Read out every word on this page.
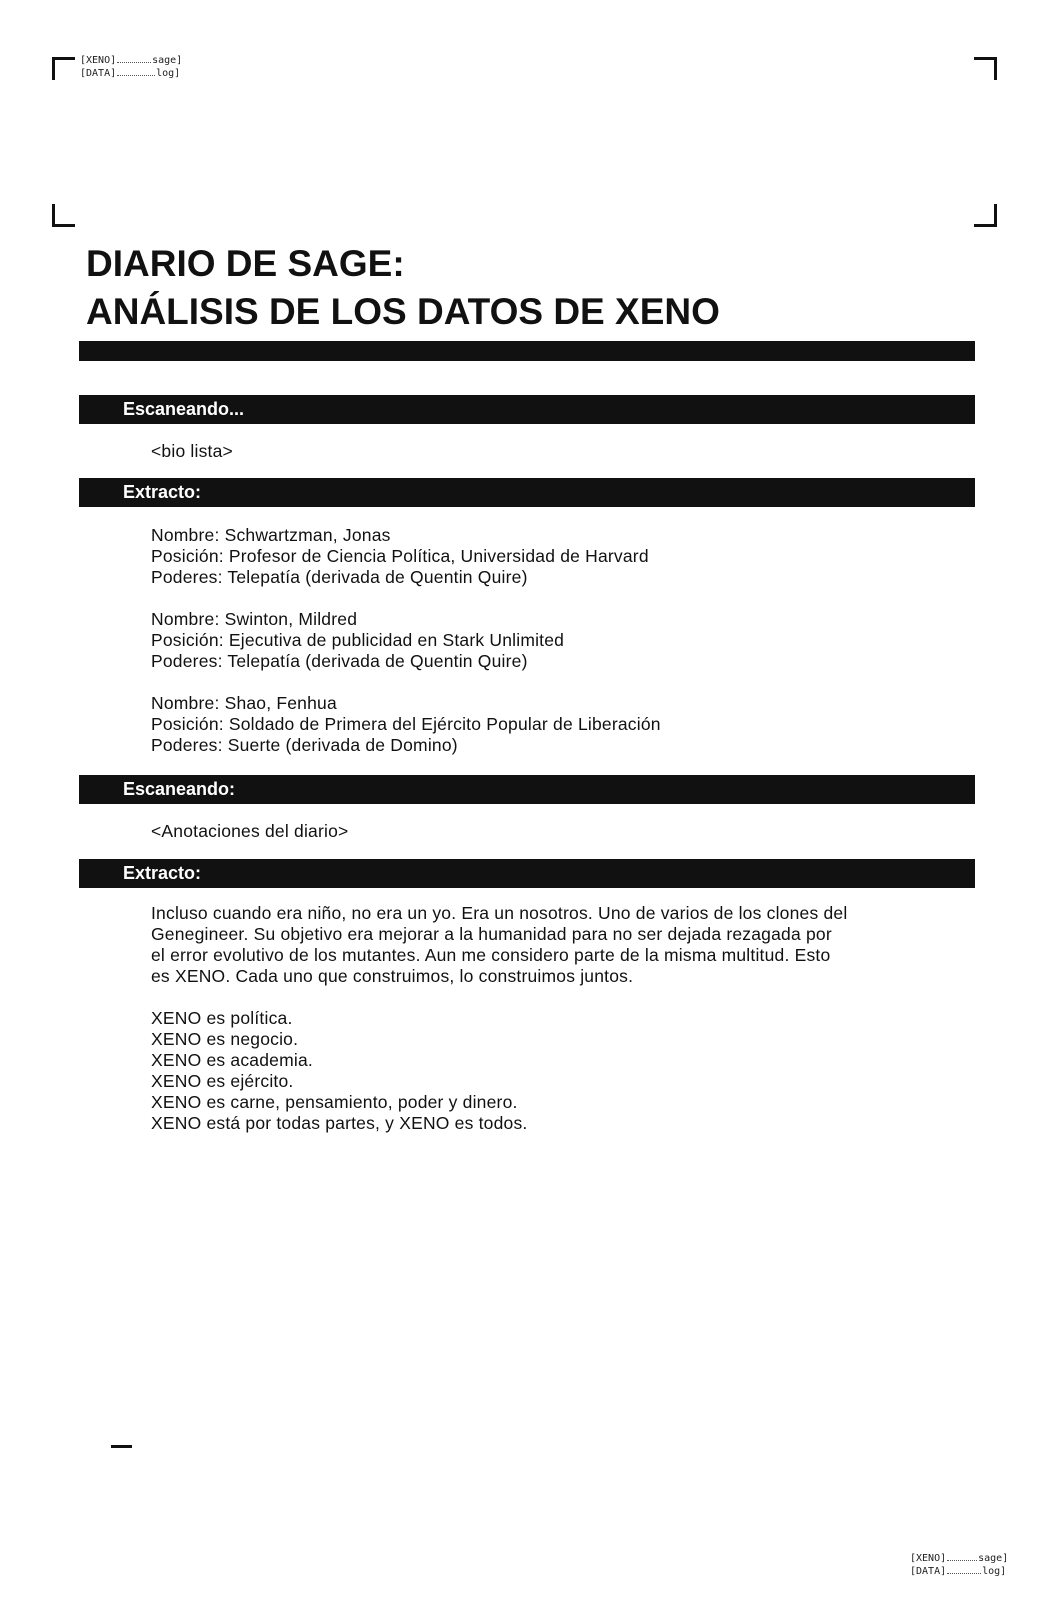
[XENO]	sage]
[DATA]	log]
DIARIO DE SAGE:
ANÁLISIS DE LOS DATOS DE XENO
Escaneando...
<bio lista>
Extracto:

Nombre: Schwartzman, Jonas

Posición: Profesor de Ciencia Política, Universidad de Harvard

Poderes: Telepatía (derivada de Quentin Quire)

Nombre: Swinton, Mildred

Posición: Ejecutiva de publicidad en Stark Unlimited

Poderes: Telepatía (derivada de Quentin Quire)

Nombre: Shao, Fenhua

Posición: Soldado de Primera del Ejército Popular de Liberación

Poderes: Suerte (derivada de Domino)

Escaneando:
<Anotaciones del diario>
Extracto:

Incluso cuando era niño, no era un yo. Era un nosotros. Uno de varios de los clones del

Genegineer. Su objetivo era mejorar a la humanidad para no ser dejada rezagada por

el error evolutivo de los mutantes. Aun me considero parte de la misma multitud. Esto

es XENO. Cada uno que construimos, lo construimos juntos.

XENO es política.

XENO es negocio.

XENO es academia.

XENO es ejército.

XENO es carne, pensamiento, poder y dinero.

XENO está por todas partes, y XENO es todos.

[XENO]	sage]
[DATA]	log]
